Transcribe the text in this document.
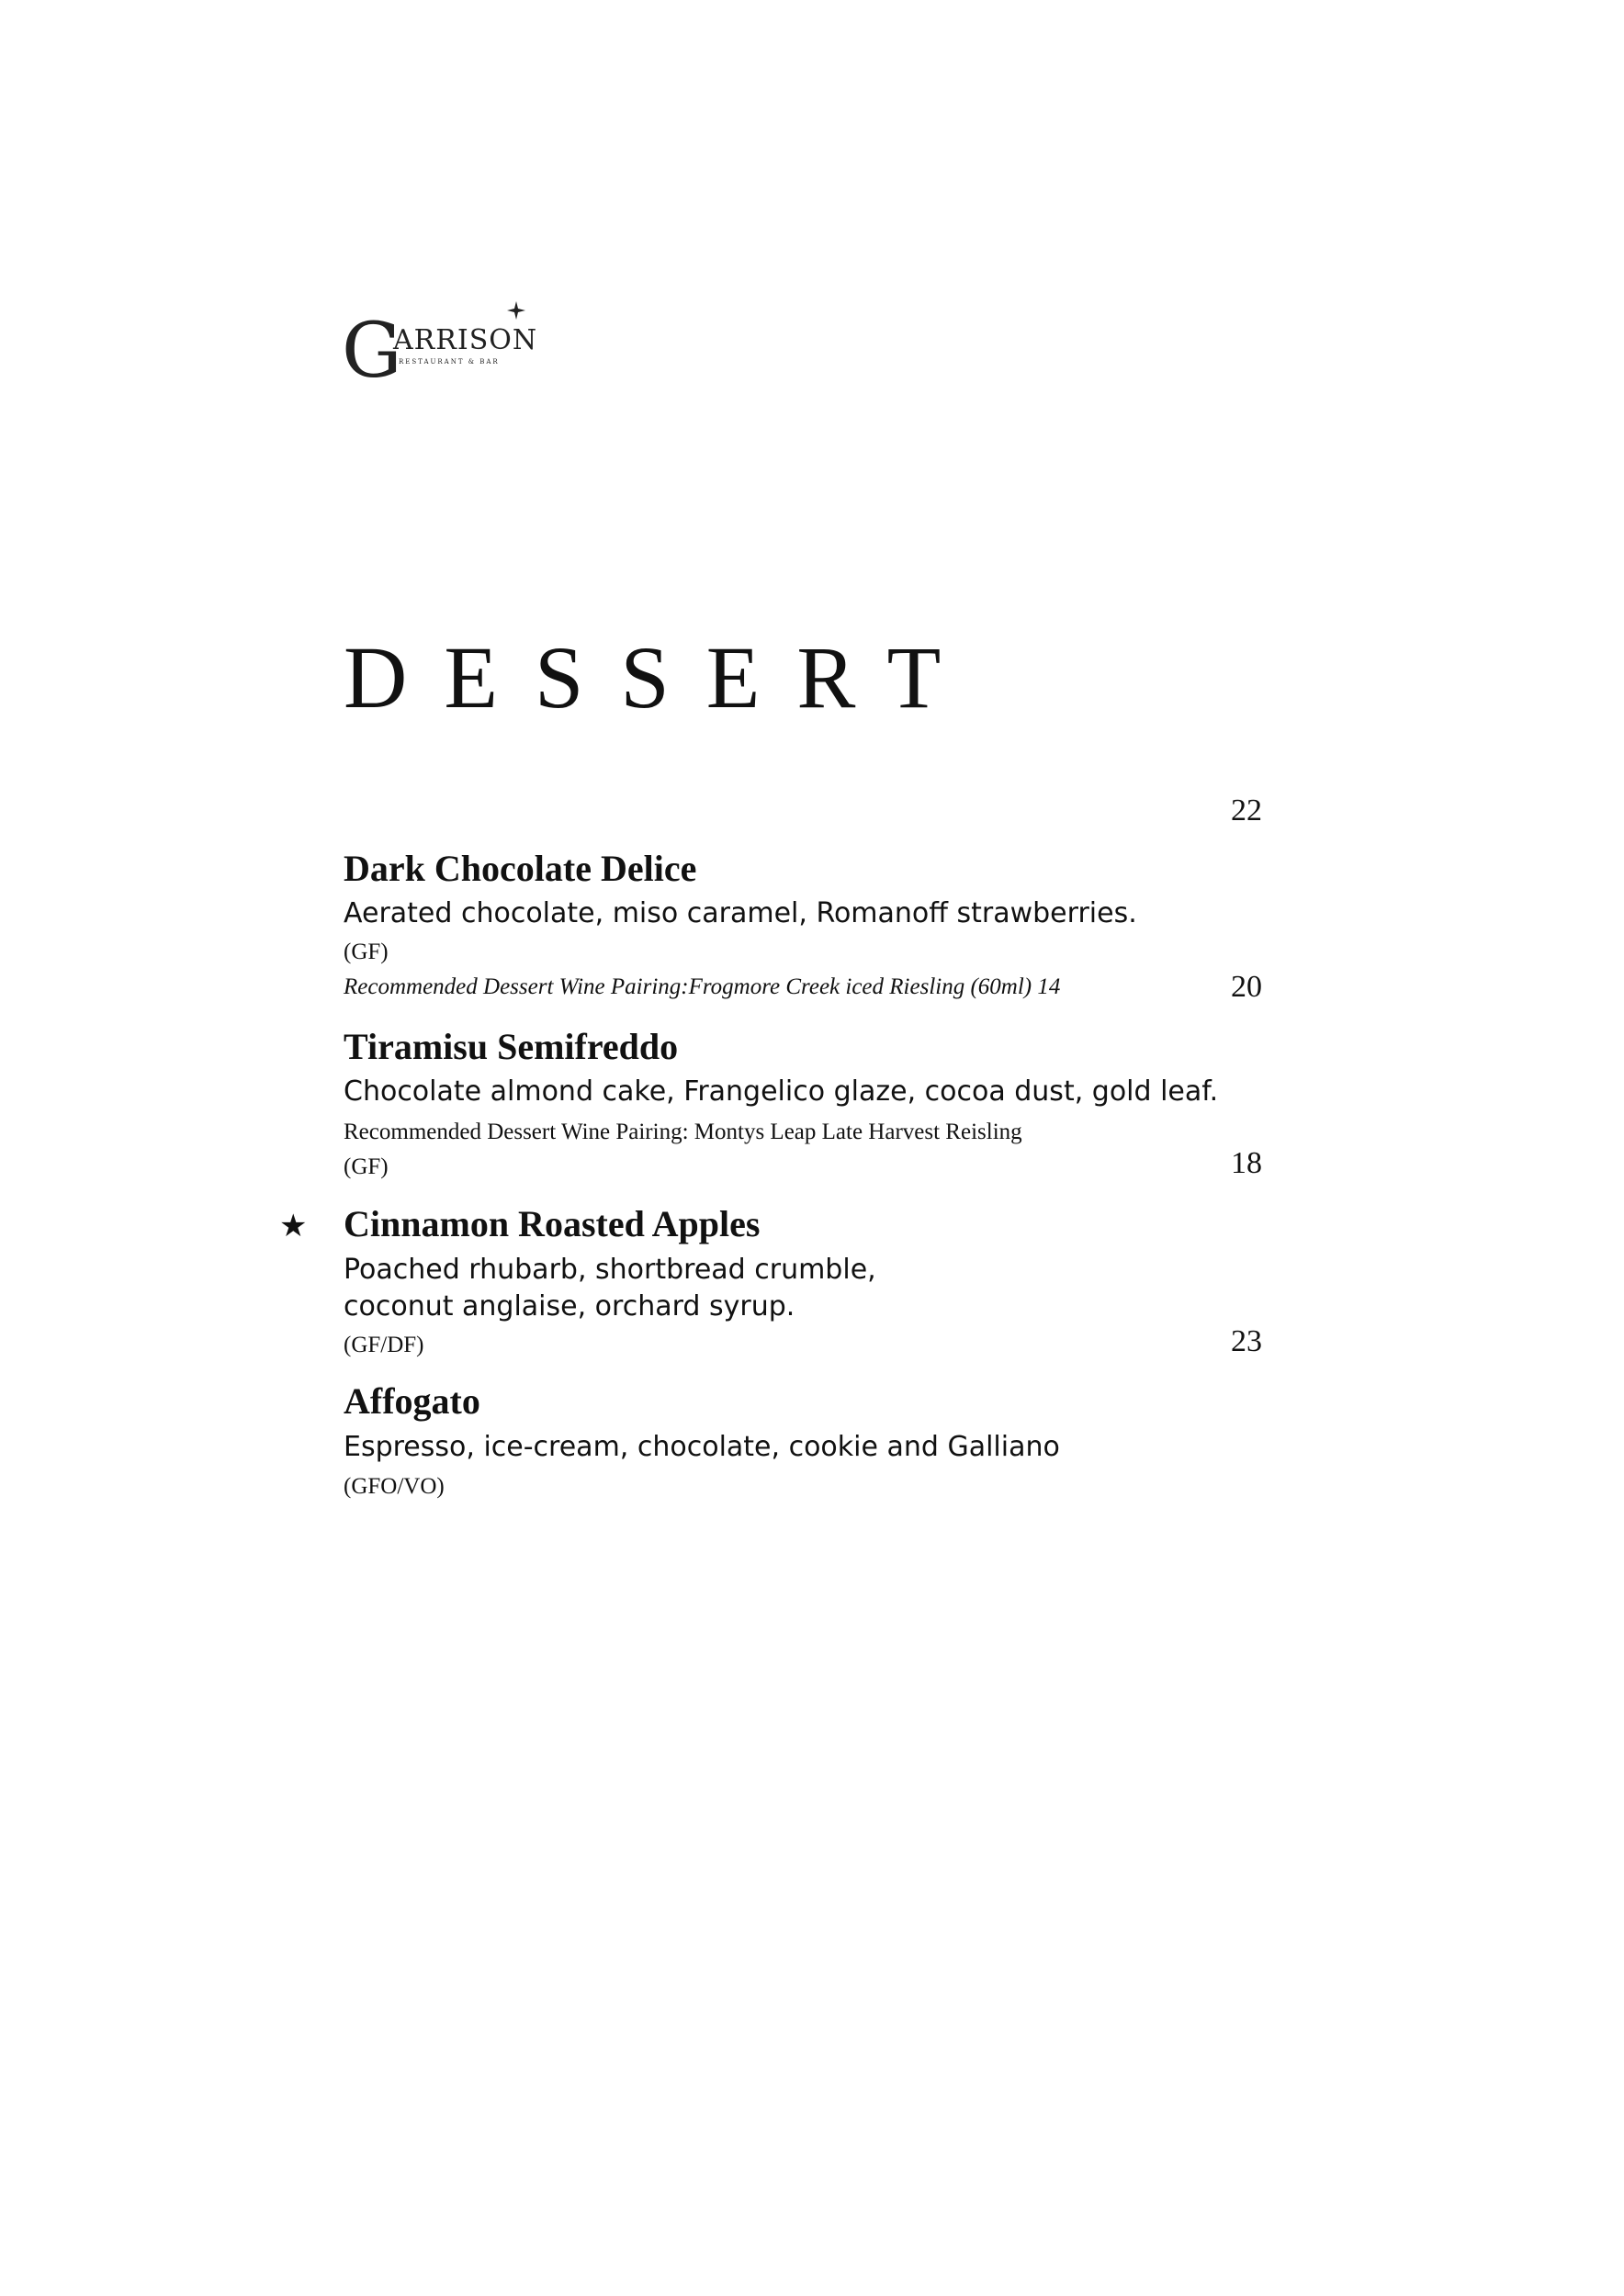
G
ARRISON
RESTAURANT & BAR
DESSERT
22
20
18
23
Dark Chocolate Delice
Aerated chocolate, miso caramel, Romanoff strawberries.
(GF)
Recommended Dessert Wine Pairing:Frogmore Creek iced Riesling (60ml) 14
Tiramisu Semifreddo
Chocolate almond cake, Frangelico glaze, cocoa dust, gold leaf.
Recommended Dessert Wine Pairing: Montys Leap Late Harvest Reisling
(GF)
★ Cinnamon Roasted Apples
Poached rhubarb, shortbread crumble,
coconut anglaise, orchard syrup.
(GF/DF)
Affogato
Espresso, ice-cream, chocolate, cookie and Galliano
(GFO/VO)
